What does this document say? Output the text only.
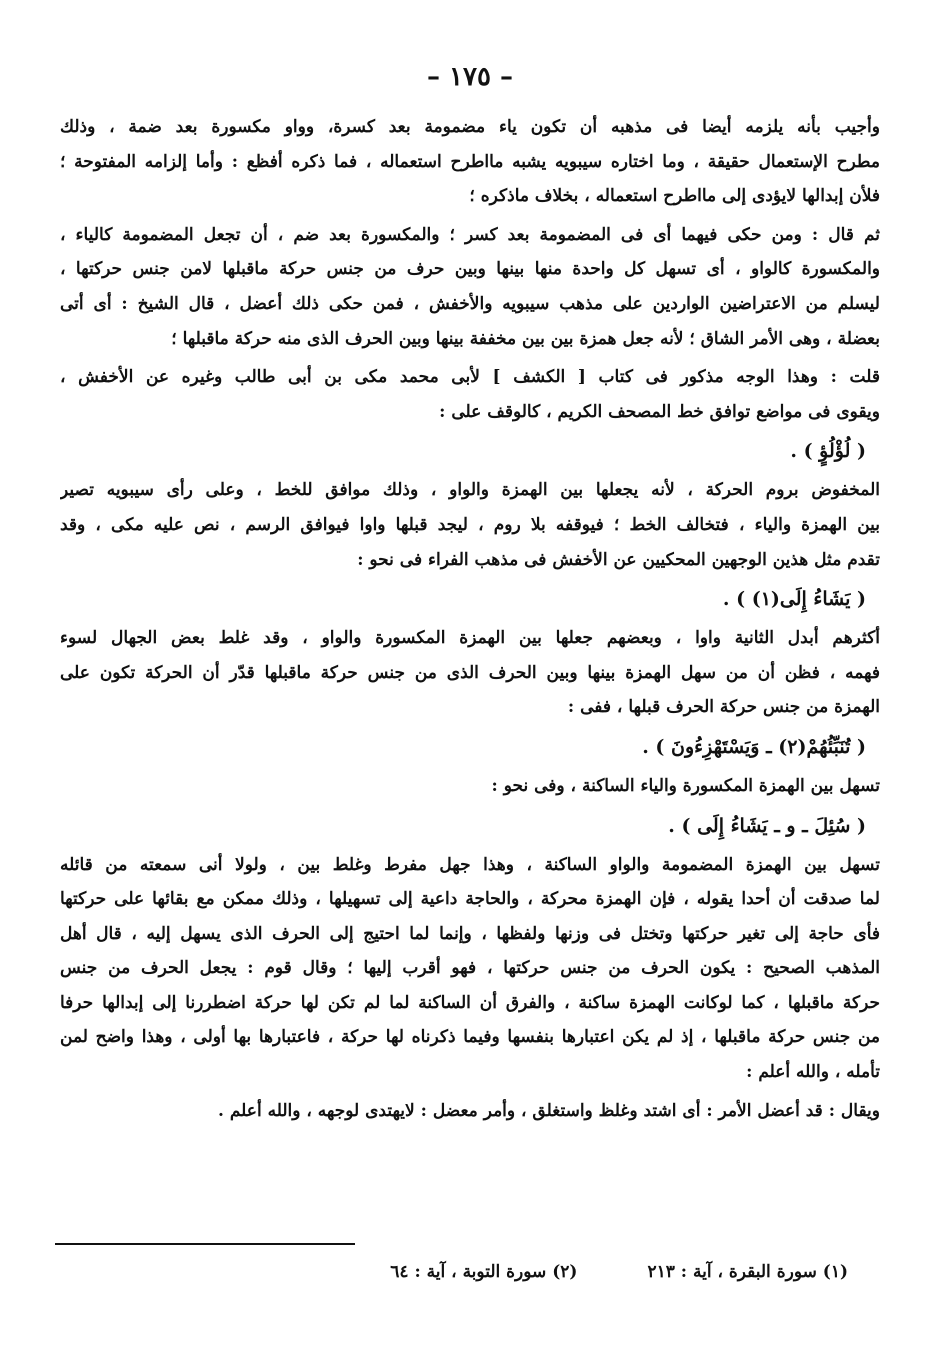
– ١٧٥ –

وأجيب بأنه يلزمه أيضا فى مذهبه أن تكون ياء مضمومة بعد كسرة، وواو مكسورة بعد ضمة ، وذلك
مطرح الإستعمال حقيقة ، وما اختاره سيبويه يشبه مااطرح استعماله ، فما ذكره أفظع : وأما إلزامه المفتوحة ؛
فلأن إبدالها لايؤدى إلى مااطرح استعماله ، بخلاف ماذكره ؛

ثم قال : ومن حكى فيهما أى فى المضمومة بعد كسر ؛ والمكسورة بعد ضم ، أن تجعل المضمومة كالياء ،
والمكسورة كالواو ، أى تسهل كل واحدة منها بينها وبين حرف من جنس حركة ماقبلها لامن جنس حركتها ،
ليسلم من الاعتراضين الواردين على مذهب سيبويه والأخفش ، فمن حكى ذلك أعضل ، قال الشيخ : أى أتى
بعضلة ، وهى الأمر الشاق ؛ لأنه جعل همزة بين بين مخففة بينها وبين الحرف الذى منه حركة ماقبلها ؛

قلت : وهذا الوجه مذكور فى كتاب [ الكشف ] لأبى محمد مكى بن أبى طالب وغيره عن الأخفش ،
ويقوى فى مواضع توافق خط المصحف الكريم ، كالوقف على :

( لُؤْلُؤٍ ) .

المخفوض بروم الحركة ، لأنه يجعلها بين الهمزة والواو ، وذلك موافق للخط ، وعلى رأى سيبويه تصير
بين الهمزة والياء ، فتخالف الخط ؛ فيوقفه بلا روم ، ليجد قبلها واوا فيوافق الرسم ، نص عليه مكى ، وقد
تقدم مثل هذين الوجهين المحكيين عن الأخفش فى مذهب الفراء فى نحو :

( يَشَاءُ إِلَى(١) ) .

أكثرهم أبدل الثانية واوا ، وبعضهم جعلها بين الهمزة المكسورة والواو ، وقد غلط بعض الجهال لسوء
فهمه ، فظن أن من سهل الهمزة بينها وبين الحرف الذى من جنس حركة ماقبلها قدّر أن الحركة تكون على
الهمزة من جنس حركة الحرف قبلها ، ففى :

( تُنَبِّئُهُمْ(٢) ـ وَيَسْتَهْزِءُونَ ) .

تسهل بين الهمزة المكسورة والياء الساكنة ، وفى نحو :

( سُئِلَ ـ و ـ يَشَاءُ إِلَى ) .

تسهل بين الهمزة المضمومة والواو الساكنة ، وهذا جهل مفرط وغلط بين ، ولولا أنى سمعته من قائله
لما صدقت أن أحدا يقوله ، فإن الهمزة محركة ، والحاجة داعية إلى تسهيلها ، وذلك ممكن مع بقائها على حركتها
فأى حاجة إلى تغير حركتها وتختل فى وزنها ولفظها ، وإنما لما احتيج إلى الحرف الذى يسهل إليه ، قال أهل
المذهب الصحيح : يكون الحرف من جنس حركتها ، فهو أقرب إليها ؛ وقال قوم : يجعل الحرف من جنس
حركة ماقبلها ، كما لوكانت الهمزة ساكنة ، والفرق أن الساكنة لما لم تكن لها حركة اضطررنا إلى إبدالها حرفا
من جنس حركة ماقبلها ، إذ لم يكن اعتبارها بنفسها وفيما ذكرناه لها حركة ، فاعتبارها بها أولى ، وهذا واضح لمن
تأمله ، والله أعلم :

ويقال : قد أعضل الأمر : أى اشتد وغلظ واستغلق ، وأمر معضل : لايهتدى لوجهه ، والله أعلم .

(١) سورة البقرة ، آية : ٢١٣
(٢) سورة التوبة ، آية : ٦٤
